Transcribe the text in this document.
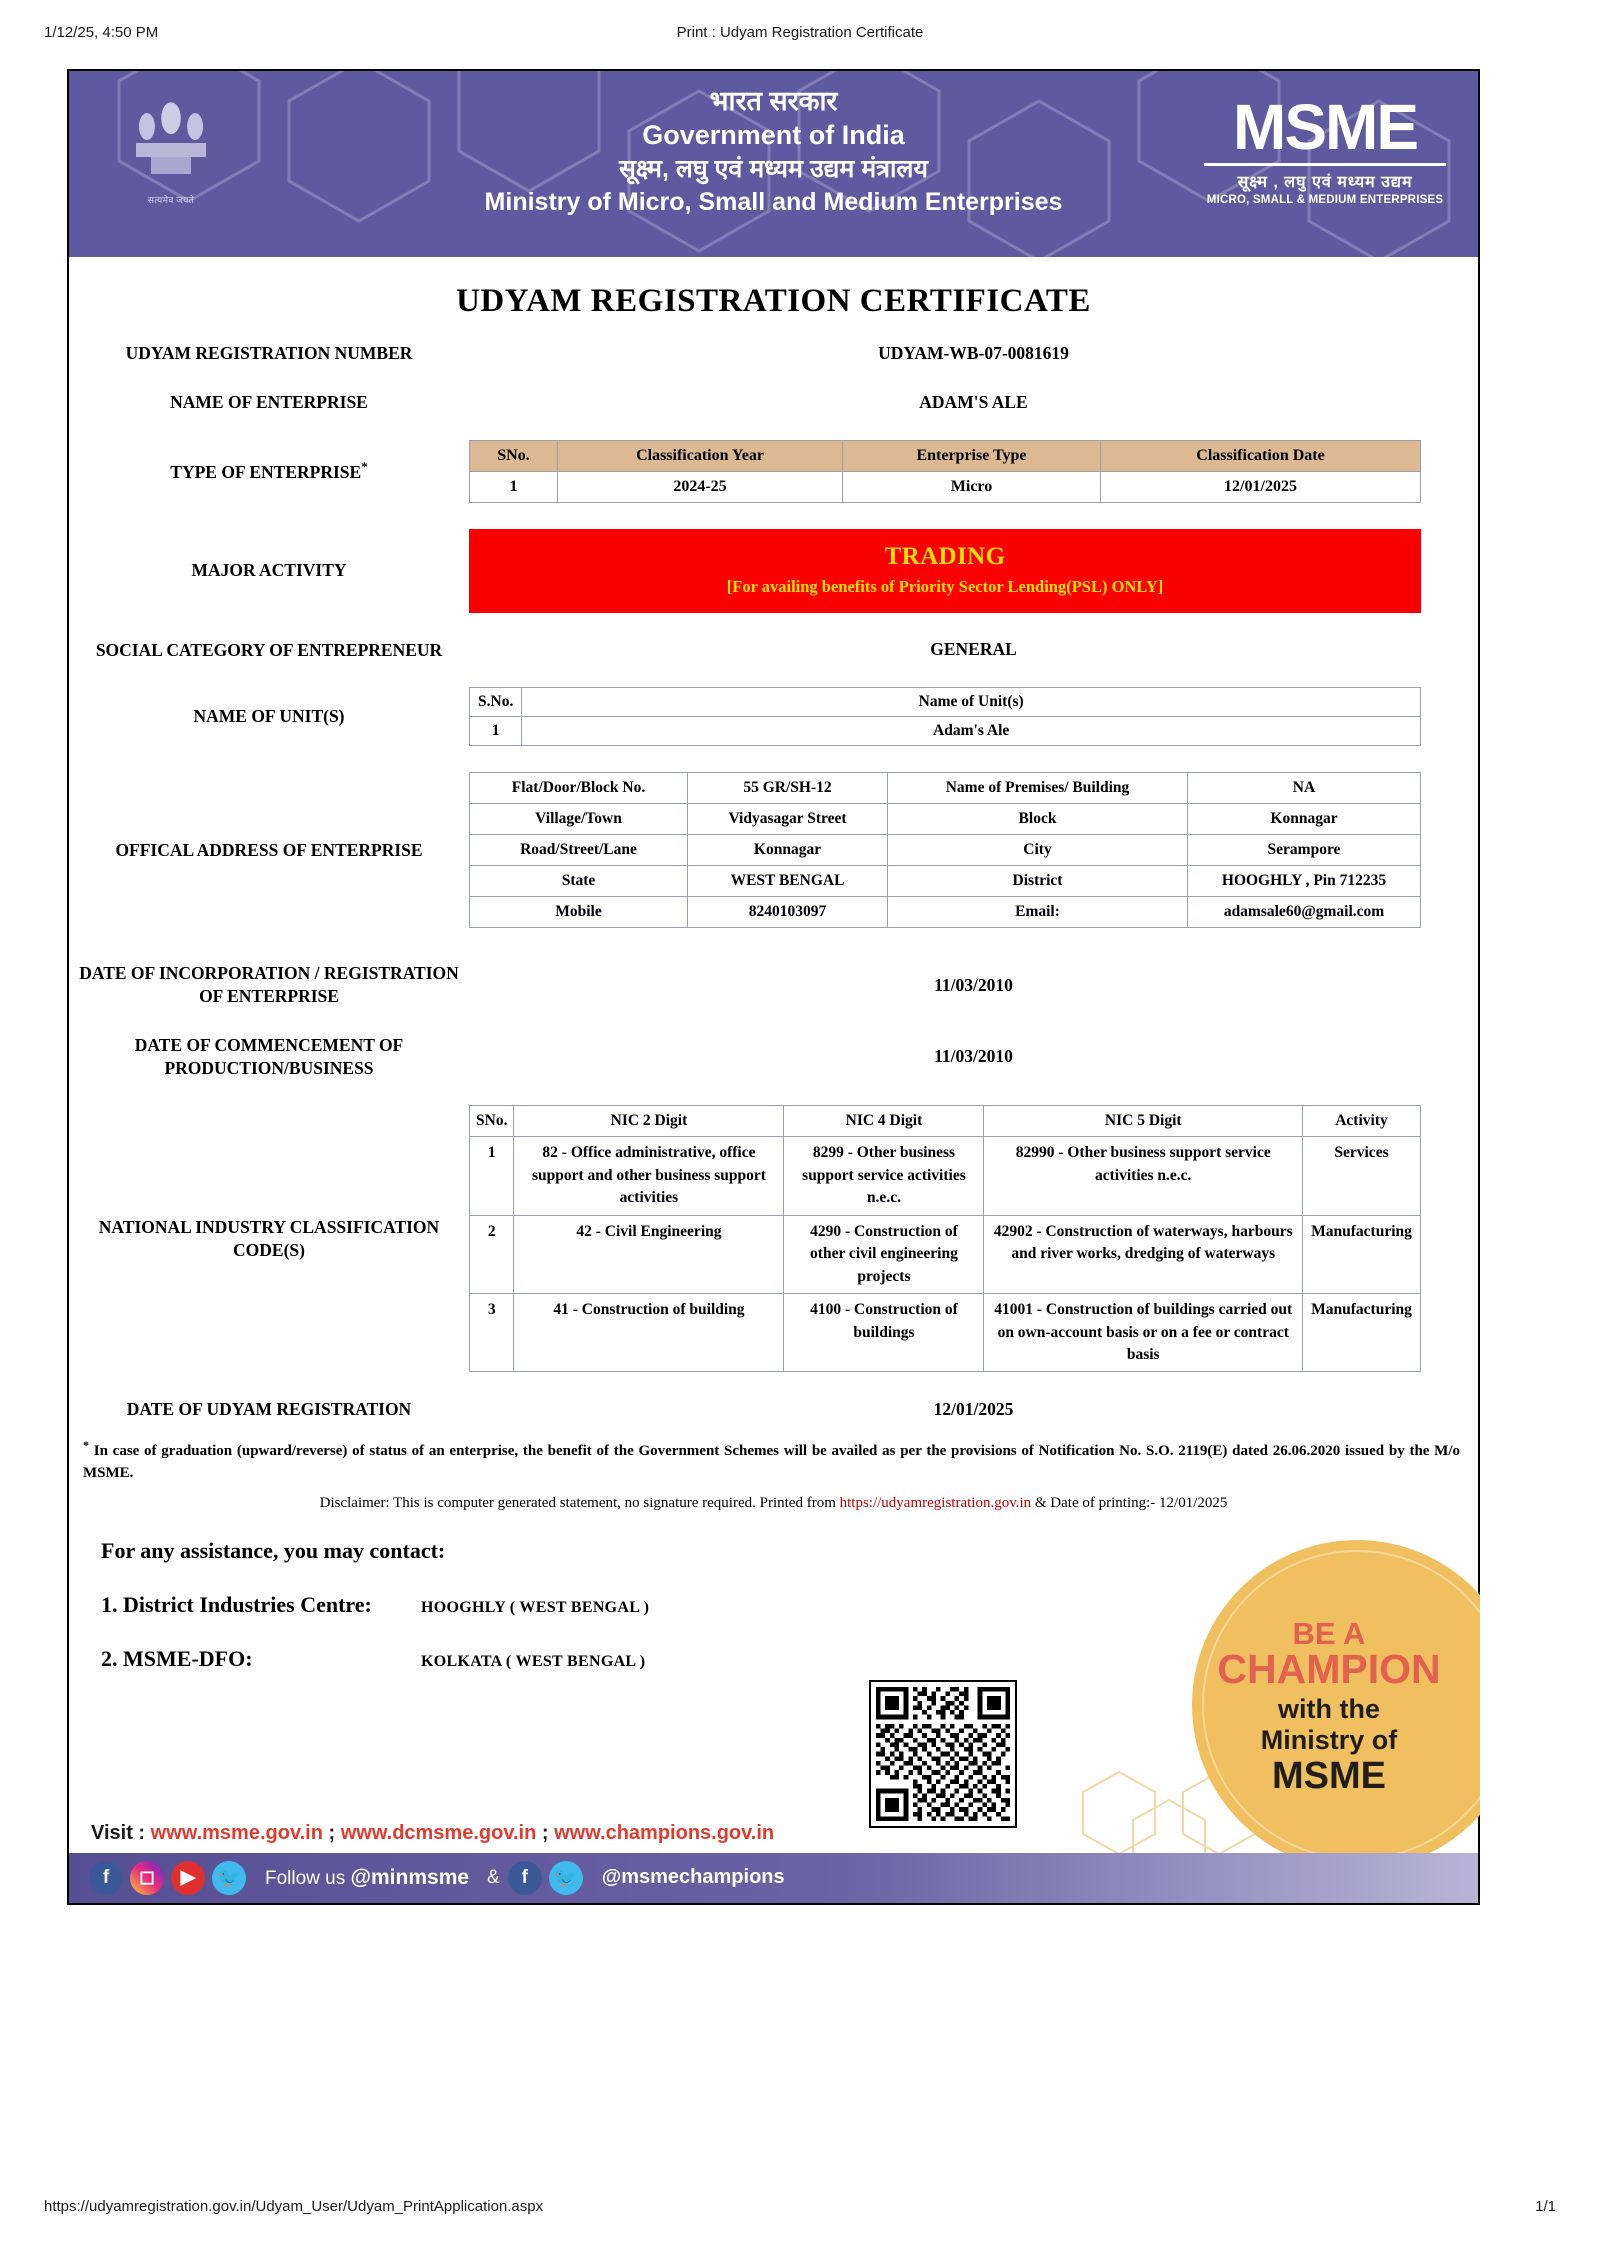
1/12/25, 4:50 PM	Print : Udyam Registration Certificate
सत्यमेव जयते
भारत सरकार
Government of India
सूक्ष्म, लघु एवं मध्यम उद्यम मंत्रालय
Ministry of Micro, Small and Medium Enterprises
MSME
सूक्ष्म , लघु एवं मध्यम उद्यम
MICRO, SMALL & MEDIUM ENTERPRISES
UDYAM REGISTRATION CERTIFICATE
UDYAM REGISTRATION NUMBER	UDYAM-WB-07-0081619
NAME OF ENTERPRISE	ADAM'S ALE
TYPE OF ENTERPRISE*
SNo.	Classification Year	Enterprise Type	Classification Date
1	2024-25	Micro	12/01/2025
MAJOR ACTIVITY
TRADING
[For availing benefits of Priority Sector Lending(PSL) ONLY]
SOCIAL CATEGORY OF ENTREPRENEUR	GENERAL
NAME OF UNIT(S)
S.No.	Name of Unit(s)
1	Adam's Ale
OFFICAL ADDRESS OF ENTERPRISE
Flat/Door/Block No.	55 GR/SH-12	Name of Premises/ Building	NA
Village/Town	Vidyasagar Street	Block	Konnagar
Road/Street/Lane	Konnagar	City	Serampore
State	WEST BENGAL	District	HOOGHLY , Pin 712235
Mobile	8240103097	Email:	adamsale60@gmail.com
DATE OF INCORPORATION / REGISTRATION OF ENTERPRISE
11/03/2010
DATE OF COMMENCEMENT OF PRODUCTION/BUSINESS
11/03/2010
NATIONAL INDUSTRY CLASSIFICATION CODE(S)
SNo.	NIC 2 Digit	NIC 4 Digit	NIC 5 Digit	Activity
1	82 - Office administrative, office support and other business support activities	8299 - Other business support service activities n.e.c.	82990 - Other business support service activities n.e.c.	Services
2	42 - Civil Engineering	4290 - Construction of other civil engineering projects	42902 - Construction of waterways, harbours and river works, dredging of waterways	Manufacturing
3	41 - Construction of building	4100 - Construction of buildings	41001 - Construction of buildings carried out on own-account basis or on a fee or contract basis	Manufacturing
DATE OF UDYAM REGISTRATION	12/01/2025
* In case of graduation (upward/reverse) of status of an enterprise, the benefit of the Government Schemes will be availed as per the provisions of Notification No. S.O. 2119(E) dated 26.06.2020 issued by the M/o MSME.
Disclaimer: This is computer generated statement, no signature required. Printed from https://udyamregistration.gov.in & Date of printing:- 12/01/2025
For any assistance, you may contact:
1. District Industries Centre:	HOOGHLY ( WEST BENGAL )
2. MSME-DFO:	KOLKATA ( WEST BENGAL )
BE A
CHAMPION
with the
Ministry of
MSME
Visit : www.msme.gov.in ; www.dcmsme.gov.in ; www.champions.gov.in
f	◻	▶	🐦 Follow us @minmsme &	f	🐦 @msmechampions
https://udyamregistration.gov.in/Udyam_User/Udyam_PrintApplication.aspx	1/1
